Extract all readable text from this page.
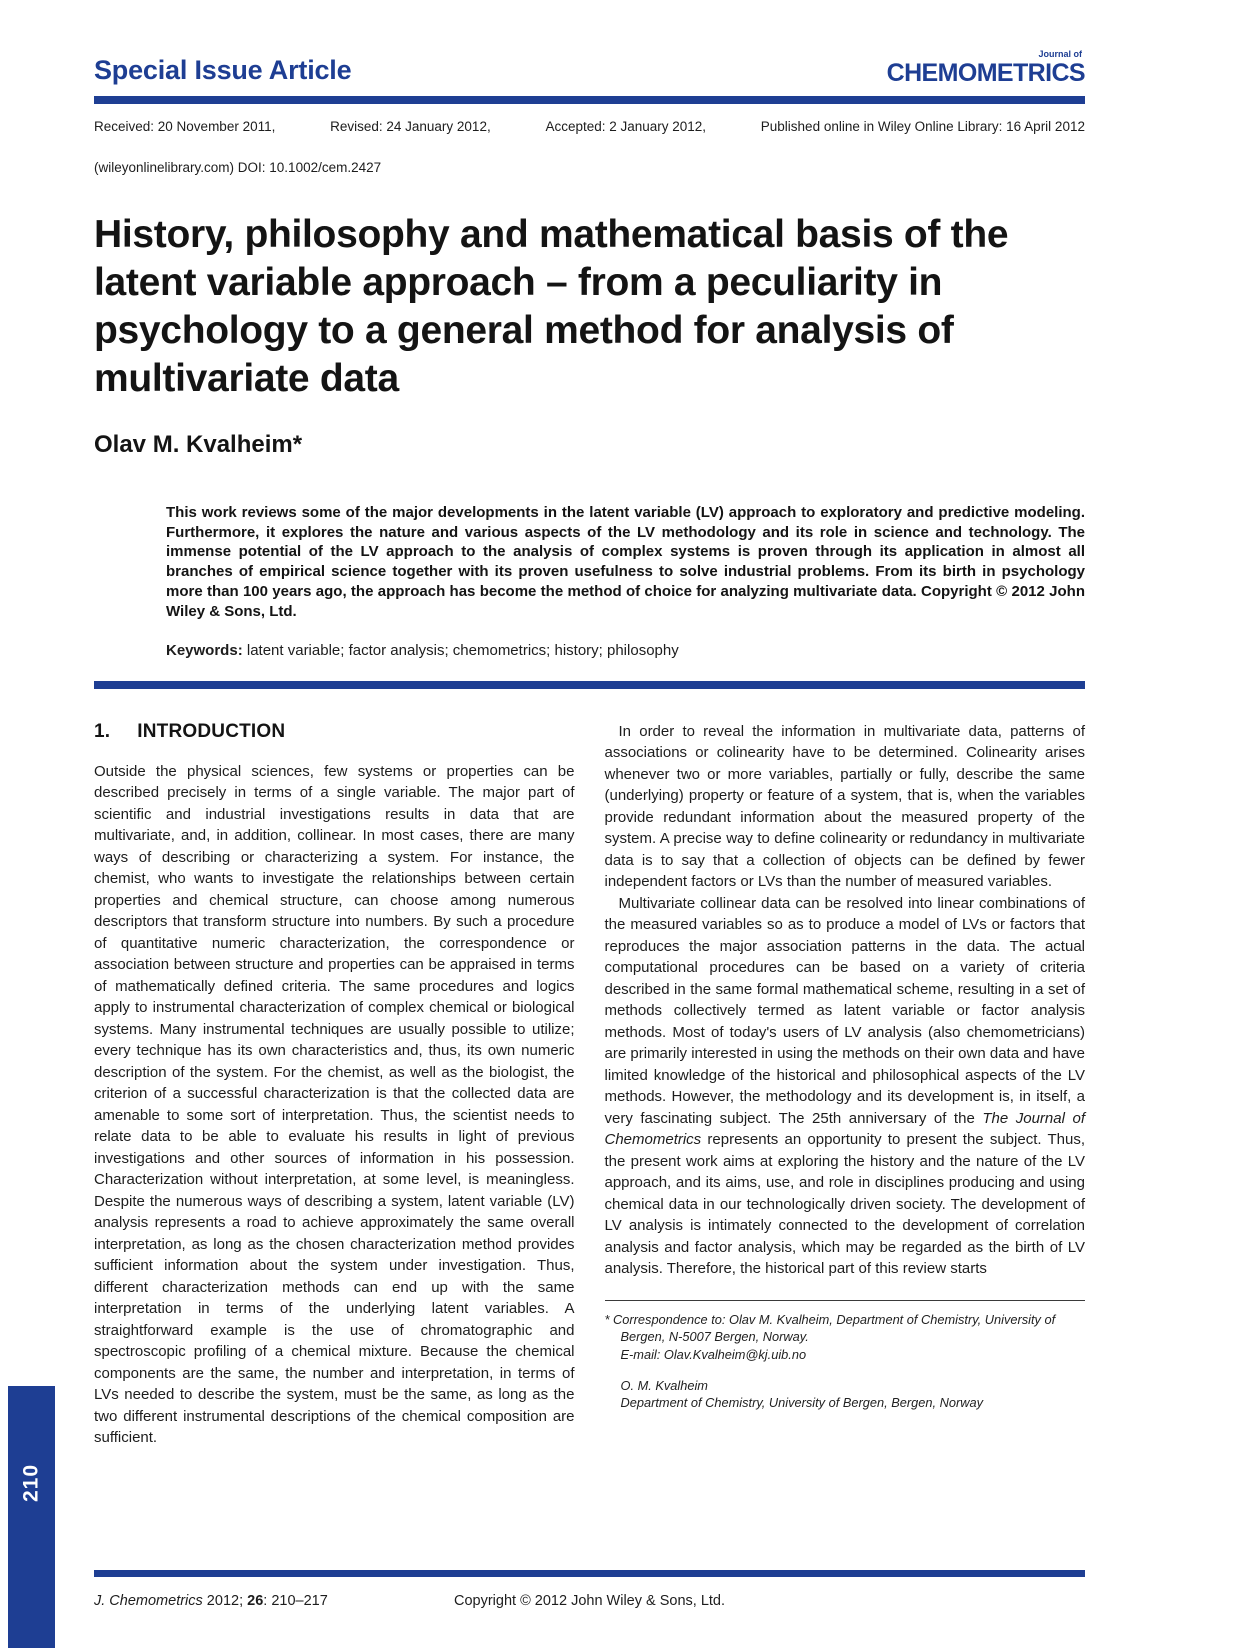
Special Issue Article
Journal of
CHEMOMETRICS
Received: 20 November 2011,	Revised: 24 January 2012,	Accepted: 2 January 2012,	Published online in Wiley Online Library: 16 April 2012
(wileyonlinelibrary.com) DOI: 10.1002/cem.2427
History, philosophy and mathematical basis of the latent variable approach – from a peculiarity in psychology to a general method for analysis of multivariate data
Olav M. Kvalheim*
This work reviews some of the major developments in the latent variable (LV) approach to exploratory and predictive modeling. Furthermore, it explores the nature and various aspects of the LV methodology and its role in science and technology. The immense potential of the LV approach to the analysis of complex systems is proven through its application in almost all branches of empirical science together with its proven usefulness to solve industrial problems. From its birth in psychology more than 100 years ago, the approach has become the method of choice for analyzing multivariate data. Copyright © 2012 John Wiley & Sons, Ltd.
Keywords: latent variable; factor analysis; chemometrics; history; philosophy
1. INTRODUCTION

Outside the physical sciences, few systems or properties can be described precisely in terms of a single variable. The major part of scientific and industrial investigations results in data that are multivariate, and, in addition, collinear. In most cases, there are many ways of describing or characterizing a system. For instance, the chemist, who wants to investigate the relationships between certain properties and chemical structure, can choose among numerous descriptors that transform structure into numbers. By such a procedure of quantitative numeric characterization, the correspondence or association between structure and properties can be appraised in terms of mathematically defined criteria. The same procedures and logics apply to instrumental characterization of complex chemical or biological systems. Many instrumental techniques are usually possible to utilize; every technique has its own characteristics and, thus, its own numeric description of the system. For the chemist, as well as the biologist, the criterion of a successful characterization is that the collected data are amenable to some sort of interpretation. Thus, the scientist needs to relate data to be able to evaluate his results in light of previous investigations and other sources of information in his possession. Characterization without interpretation, at some level, is meaningless. Despite the numerous ways of describing a system, latent variable (LV) analysis represents a road to achieve approximately the same overall interpretation, as long as the chosen characterization method provides sufficient information about the system under investigation. Thus, different characterization methods can end up with the same interpretation in terms of the underlying latent variables. A straightforward example is the use of chromatographic and spectroscopic profiling of a chemical mixture. Because the chemical components are the same, the number and interpretation, in terms of LVs needed to describe the system, must be the same, as long as the two different instrumental descriptions of the chemical composition are sufficient.

In order to reveal the information in multivariate data, patterns of associations or colinearity have to be determined. Colinearity arises whenever two or more variables, partially or fully, describe the same (underlying) property or feature of a system, that is, when the variables provide redundant information about the measured property of the system. A precise way to define colinearity or redundancy in multivariate data is to say that a collection of objects can be defined by fewer independent factors or LVs than the number of measured variables.

Multivariate collinear data can be resolved into linear combinations of the measured variables so as to produce a model of LVs or factors that reproduces the major association patterns in the data. The actual computational procedures can be based on a variety of criteria described in the same formal mathematical scheme, resulting in a set of methods collectively termed as latent variable or factor analysis methods. Most of today's users of LV analysis (also chemometricians) are primarily interested in using the methods on their own data and have limited knowledge of the historical and philosophical aspects of the LV methods. However, the methodology and its development is, in itself, a very fascinating subject. The 25th anniversary of the The Journal of Chemometrics represents an opportunity to present the subject. Thus, the present work aims at exploring the history and the nature of the LV approach, and its aims, use, and role in disciplines producing and using chemical data in our technologically driven society. The development of LV analysis is intimately connected to the development of correlation analysis and factor analysis, which may be regarded as the birth of LV analysis. Therefore, the historical part of this review starts

* Correspondence to: Olav M. Kvalheim, Department of Chemistry, University of Bergen, N-5007 Bergen, Norway.
E-mail: Olav.Kvalheim@kj.uib.no
O. M. Kvalheim
Department of Chemistry, University of Bergen, Bergen, Norway
210
J. Chemometrics 2012; 26: 210–217	Copyright © 2012 John Wiley & Sons, Ltd.
